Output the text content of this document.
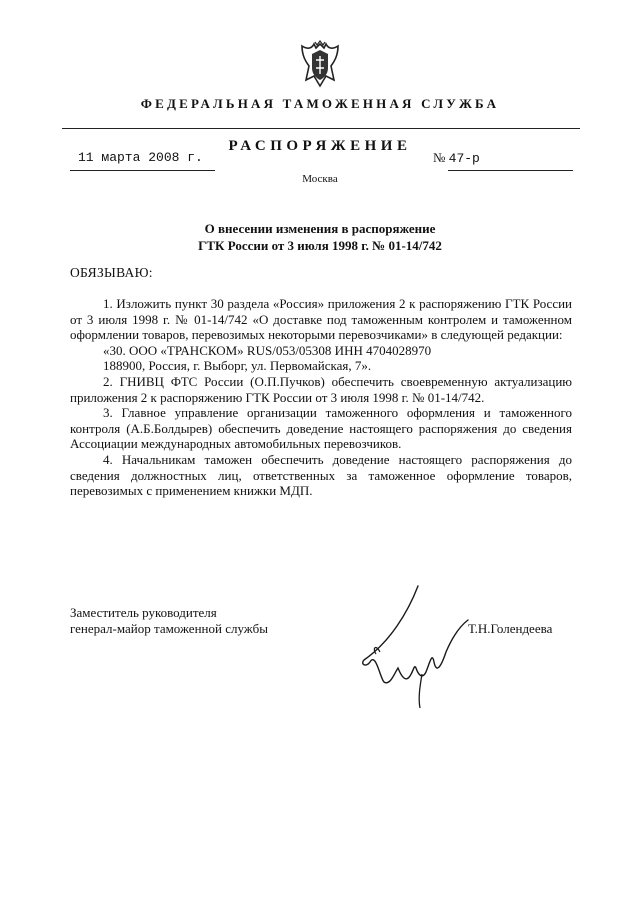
ФЕДЕРАЛЬНАЯ ТАМОЖЕННАЯ СЛУЖБА
РАСПОРЯЖЕНИЕ
11 марта 2008 г.	№ 47-р
Москва
О внесении изменения в распоряжение
ГТК России от 3 июля 1998 г. № 01-14/742
ОБЯЗЫВАЮ:

1. Изложить пункт 30 раздела «Россия» приложения 2 к распоряжению ГТК России от 3 июля 1998 г. № 01-14/742 «О доставке под таможенным контролем и таможенном оформлении товаров, перевозимых некоторыми перевозчиками» в следующей редакции:

«30. ООО «ТРАНСКОМ» RUS/053/05308 ИНН 4704028970

188900, Россия, г. Выборг, ул. Первомайская, 7».

2. ГНИВЦ ФТС России (О.П.Пучков) обеспечить своевременную актуализацию приложения 2 к распоряжению ГТК России от 3 июля 1998 г. № 01-14/742.

3. Главное управление организации таможенного оформления и таможенного контроля (А.Б.Болдырев) обеспечить доведение настоящего распоряжения до сведения Ассоциации международных автомобильных перевозчиков.

4. Начальникам таможен обеспечить доведение настоящего распоряжения до сведения должностных лиц, ответственных за таможенное оформление товаров, перевозимых с применением книжки МДП.

Заместитель руководителя
генерал-майор таможенной службы	Т.Н.Голендеева
